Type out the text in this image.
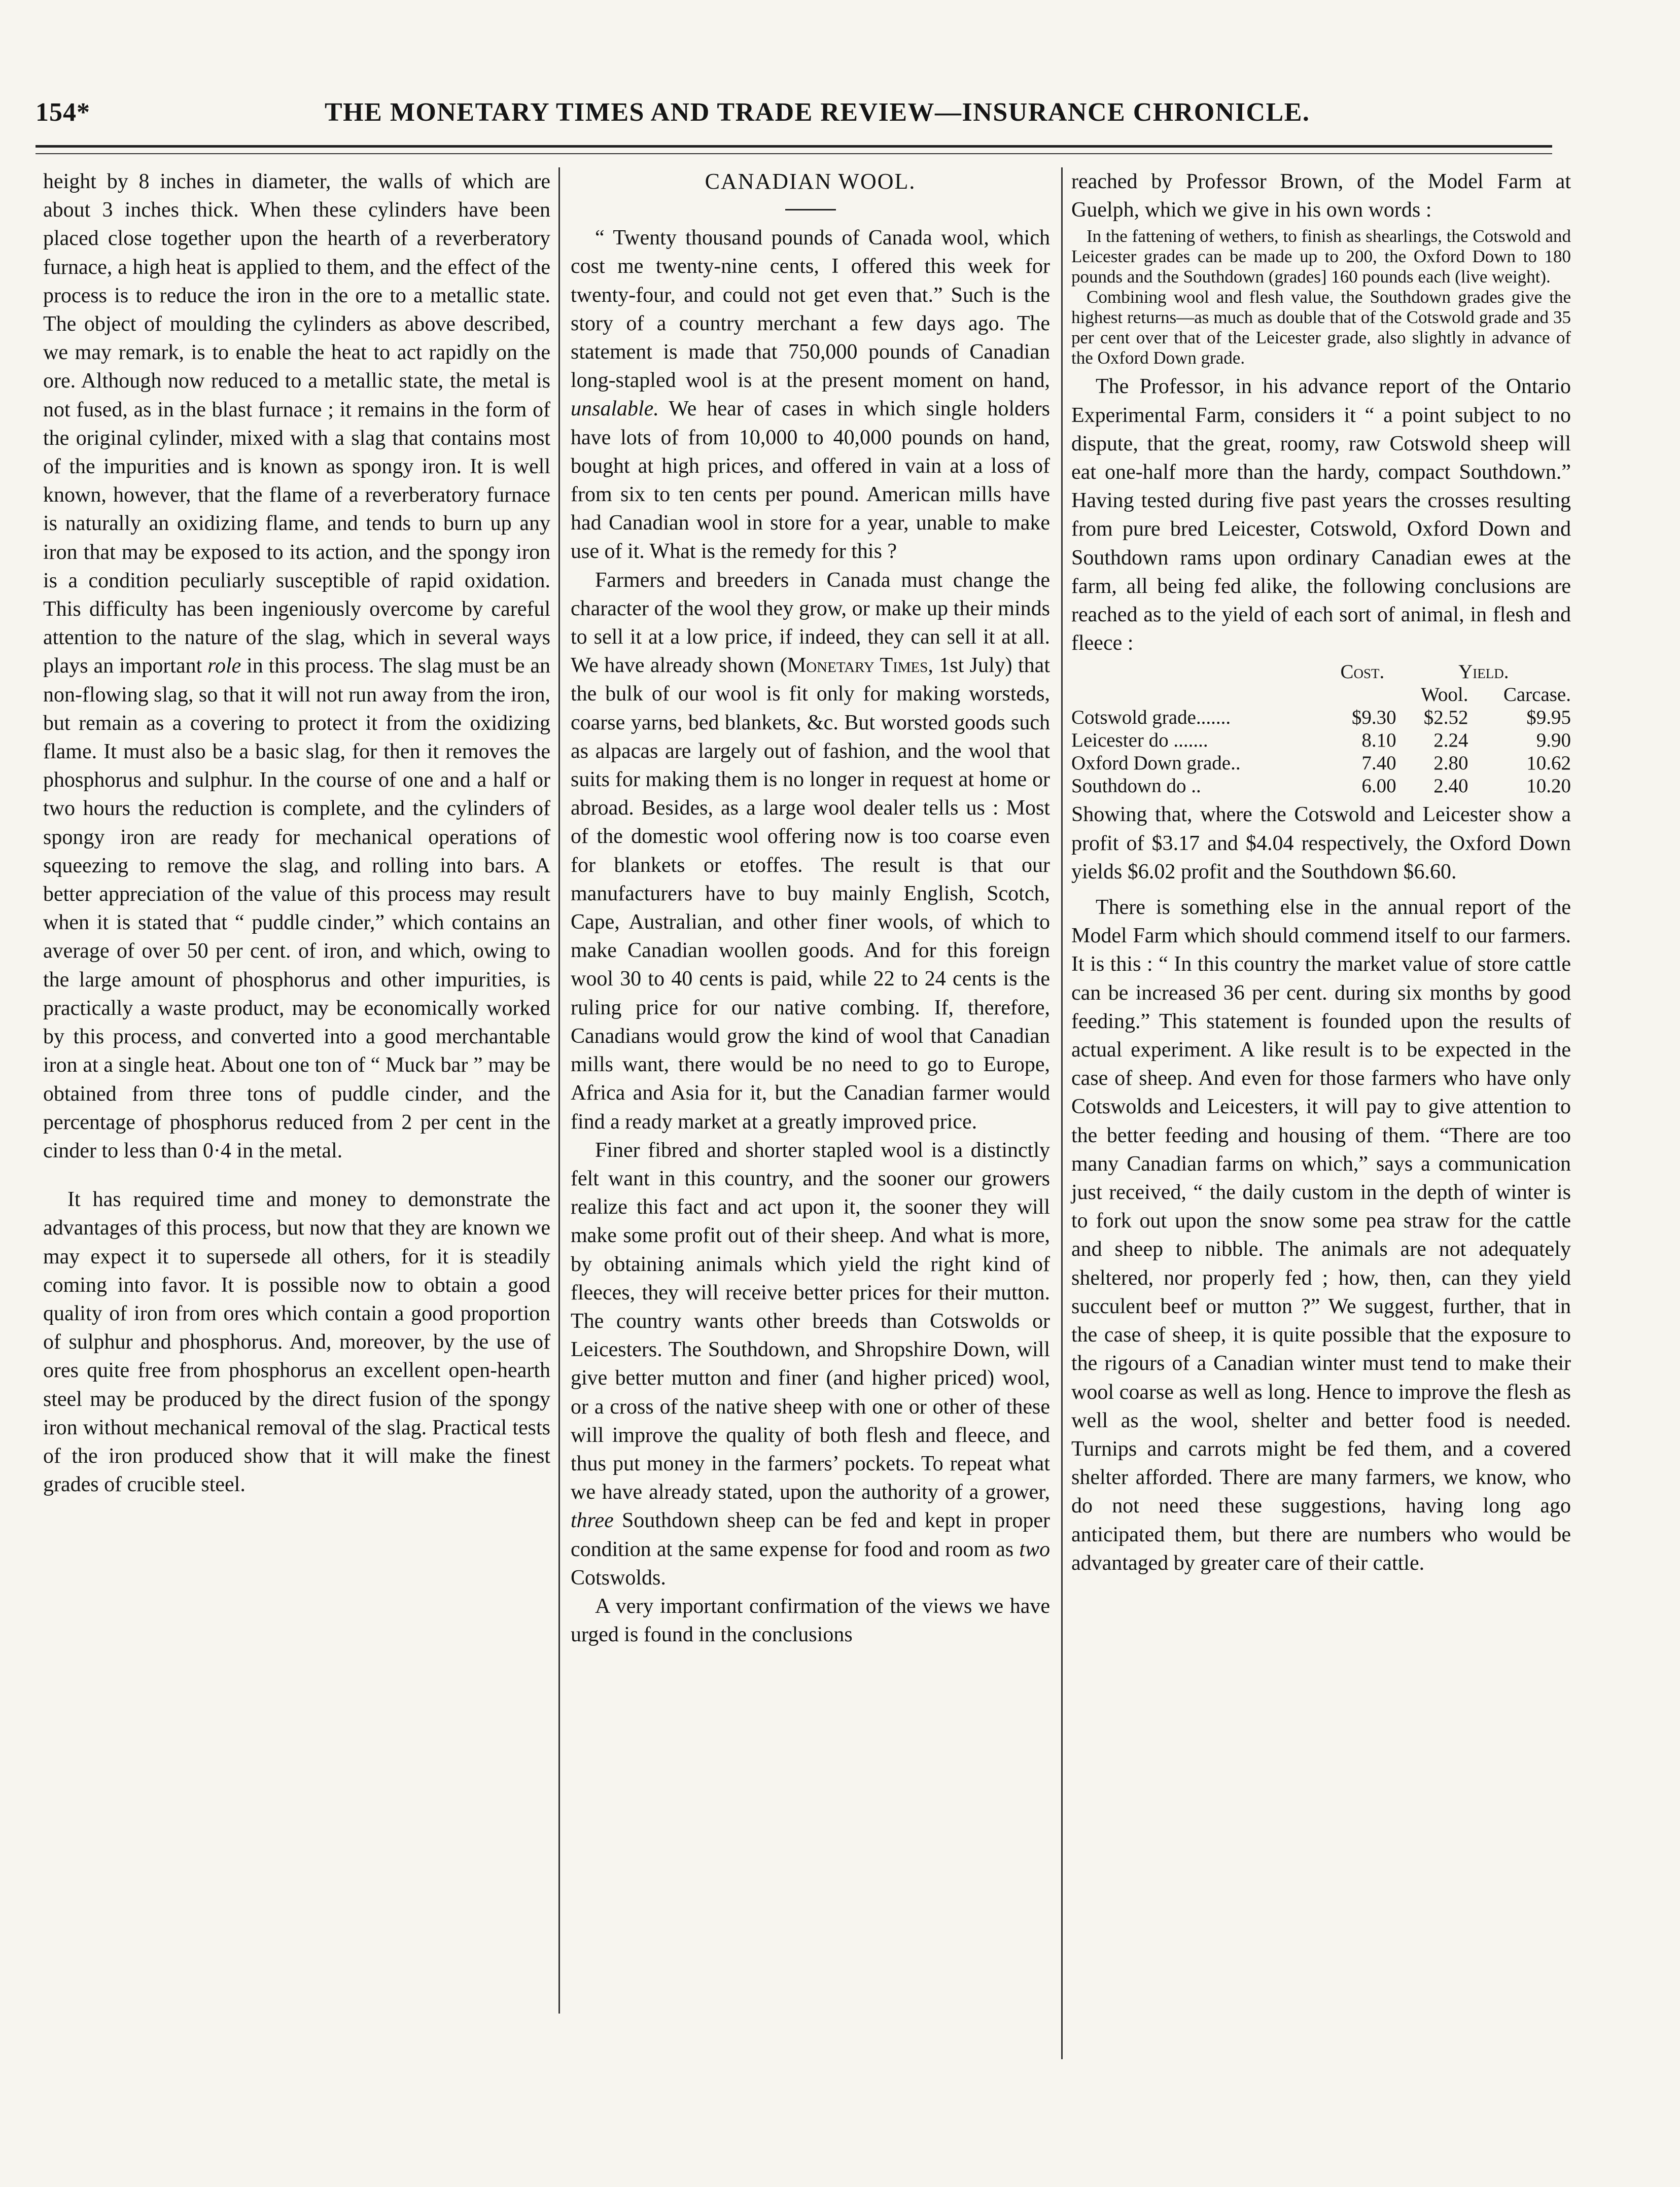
154*	THE MONETARY TIMES AND TRADE REVIEW—INSURANCE CHRONICLE.

height by 8 inches in diameter, the walls of which are about 3 inches thick. When these cylinders have been placed close together upon the hearth of a reverberatory furnace, a high heat is applied to them, and the effect of the process is to reduce the iron in the ore to a metallic state. The object of moulding the cylinders as above described, we may remark, is to enable the heat to act rapidly on the ore. Although now reduced to a metallic state, the metal is not fused, as in the blast furnace ; it remains in the form of the original cylinder, mixed with a slag that contains most of the impurities and is known as spongy iron. It is well known, however, that the flame of a reverberatory furnace is naturally an oxidizing flame, and tends to burn up any iron that may be exposed to its action, and the spongy iron is a condition peculiarly susceptible of rapid oxidation. This difficulty has been ingeniously overcome by careful attention to the nature of the slag, which in several ways plays an important role in this process. The slag must be an non-flowing slag, so that it will not run away from the iron, but remain as a covering to protect it from the oxidizing flame. It must also be a basic slag, for then it removes the phosphorus and sulphur. In the course of one and a half or two hours the reduction is complete, and the cylinders of spongy iron are ready for mechanical operations of squeezing to remove the slag, and rolling into bars. A better appreciation of the value of this process may result when it is stated that “ puddle cinder,” which contains an average of over 50 per cent. of iron, and which, owing to the large amount of phosphorus and other impurities, is practically a waste product, may be economically worked by this process, and converted into a good merchantable iron at a single heat. About one ton of “ Muck bar ” may be obtained from three tons of puddle cinder, and the percentage of phosphorus reduced from 2 per cent in the cinder to less than 0·4 in the metal.

It has required time and money to demonstrate the advantages of this process, but now that they are known we may expect it to supersede all others, for it is steadily coming into favor. It is possible now to obtain a good quality of iron from ores which contain a good proportion of sulphur and phosphorus. And, moreover, by the use of ores quite free from phosphorus an excellent open-hearth steel may be produced by the direct fusion of the spongy iron without mechanical removal of the slag. Practical tests of the iron produced show that it will make the finest grades of crucible steel.

CANADIAN WOOL.

“ Twenty thousand pounds of Canada wool, which cost me twenty-nine cents, I offered this week for twenty-four, and could not get even that.” Such is the story of a country merchant a few days ago. The statement is made that 750,000 pounds of Canadian long-stapled wool is at the present moment on hand, unsalable. We hear of cases in which single holders have lots of from 10,000 to 40,000 pounds on hand, bought at high prices, and offered in vain at a loss of from six to ten cents per pound. American mills have had Canadian wool in store for a year, unable to make use of it. What is the remedy for this ?

Farmers and breeders in Canada must change the character of the wool they grow, or make up their minds to sell it at a low price, if indeed, they can sell it at all. We have already shown (Monetary Times, 1st July) that the bulk of our wool is fit only for making worsteds, coarse yarns, bed blankets, &c. But worsted goods such as alpacas are largely out of fashion, and the wool that suits for making them is no longer in request at home or abroad. Besides, as a large wool dealer tells us : Most of the domestic wool offering now is too coarse even for blankets or etoffes. The result is that our manufacturers have to buy mainly English, Scotch, Cape, Australian, and other finer wools, of which to make Canadian woollen goods. And for this foreign wool 30 to 40 cents is paid, while 22 to 24 cents is the ruling price for our native combing. If, therefore, Canadians would grow the kind of wool that Canadian mills want, there would be no need to go to Europe, Africa and Asia for it, but the Canadian farmer would find a ready market at a greatly improved price.

Finer fibred and shorter stapled wool is a distinctly felt want in this country, and the sooner our growers realize this fact and act upon it, the sooner they will make some profit out of their sheep. And what is more, by obtaining animals which yield the right kind of fleeces, they will receive better prices for their mutton. The country wants other breeds than Cotswolds or Leicesters. The Southdown, and Shropshire Down, will give better mutton and finer (and higher priced) wool, or a cross of the native sheep with one or other of these will improve the quality of both flesh and fleece, and thus put money in the farmers’ pockets. To repeat what we have already stated, upon the authority of a grower, three Southdown sheep can be fed and kept in proper condition at the same expense for food and room as two Cotswolds.

A very important confirmation of the views we have urged is found in the conclusions

reached by Professor Brown, of the Model Farm at Guelph, which we give in his own words :

In the fattening of wethers, to finish as shearlings, the Cotswold and Leicester grades can be made up to 200, the Oxford Down to 180 pounds and the Southdown (grades] 160 pounds each (live weight).

Combining wool and flesh value, the Southdown grades give the highest returns—as much as double that of the Cotswold grade and 35 per cent over that of the Leicester grade, also slightly in advance of the Oxford Down grade.

The Professor, in his advance report of the Ontario Experimental Farm, considers it “ a point subject to no dispute, that the great, roomy, raw Cotswold sheep will eat one-half more than the hardy, compact Southdown.” Having tested during five past years the crosses resulting from pure bred Leicester, Cotswold, Oxford Down and Southdown rams upon ordinary Canadian ewes at the farm, all being fed alike, the following conclusions are reached as to the yield of each sort of animal, in flesh and fleece :

	Cost.	Yield.	
		Wool.	Carcase.
Cotswold grade.......	$9.30	$2.52	$9.95
Leicester do .......	8.10	2.24	9.90
Oxford Down grade..	7.40	2.80	10.62
Southdown do ..	6.00	2.40	10.20

Showing that, where the Cotswold and Leicester show a profit of $3.17 and $4.04 respectively, the Oxford Down yields $6.02 profit and the Southdown $6.60.

There is something else in the annual report of the Model Farm which should commend itself to our farmers. It is this : “ In this country the market value of store cattle can be increased 36 per cent. during six months by good feeding.” This statement is founded upon the results of actual experiment. A like result is to be expected in the case of sheep. And even for those farmers who have only Cotswolds and Leicesters, it will pay to give attention to the better feeding and housing of them. “There are too many Canadian farms on which,” says a communication just received, “ the daily custom in the depth of winter is to fork out upon the snow some pea straw for the cattle and sheep to nibble. The animals are not adequately sheltered, nor properly fed ; how, then, can they yield succulent beef or mutton ?” We suggest, further, that in the case of sheep, it is quite possible that the exposure to the rigours of a Canadian winter must tend to make their wool coarse as well as long. Hence to improve the flesh as well as the wool, shelter and better food is needed. Turnips and carrots might be fed them, and a covered shelter afforded. There are many farmers, we know, who do not need these suggestions, having long ago anticipated them, but there are numbers who would be advantaged by greater care of their cattle.
